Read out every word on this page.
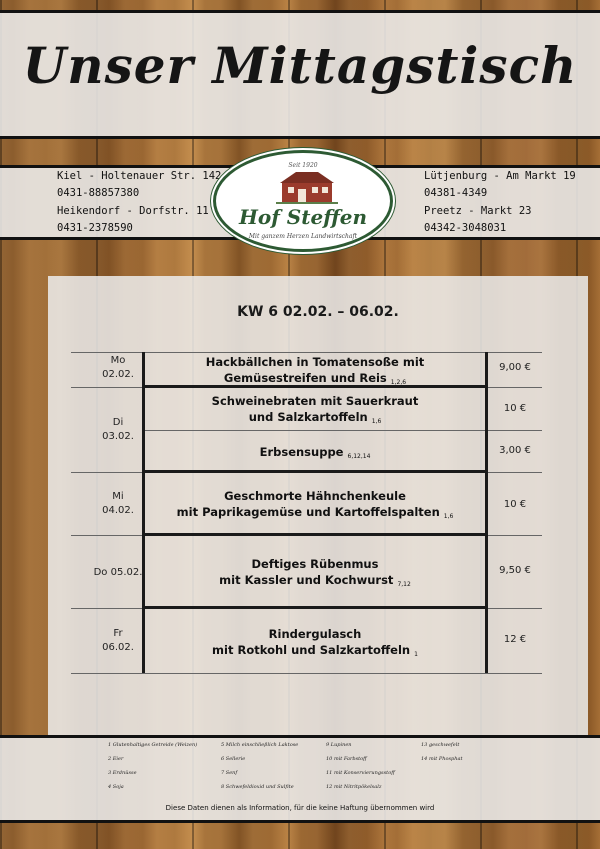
Unser Mittagstisch
Kiel - Holtenauer Str. 142
0431-88857380
Heikendorf - Dorfstr. 11
0431-2378590
Lütjenburg - Am Markt 19
04381-4349
Preetz - Markt 23
04342-3048031
Seit 1920
Hof Steffen
Mit ganzem Herzen Landwirtschaft
KW 6 02.02. – 06.02.
Mo
02.02.
Di
03.02.
Mi
04.02.
Do 05.02.
Fr
06.02.
Hackbällchen in Tomatensoße mit
Gemüsestreifen und Reis $_{1,2,6}$
Schweinebraten mit Sauerkraut
und Salzkartoffeln $_{1,6}$
Erbsensuppe $_{6,12,14}$
Geschmorte Hähnchenkeule
mit Paprikagemüse und Kartoffelspalten $_{1,6}$
Deftiges Rübenmus
mit Kassler und Kochwurst $_{7,12}$
Rindergulasch
mit Rotkohl und Salzkartoffeln $_1$
9,00 €
10 €
3,00 €
10 €
9,50 €
12 €
1 Glutenhaltiges Getreide (Weizen)
2 Eier
3 Erdnüsse
4 Soja
5 Milch einschließlich Laktose
6 Sellerie
7 Senf
8 Schwefeldioxid und Sulfite
9 Lupinen
10 mit Farbstoff
11 mit Konservierungsstoff
12 mit Nitritpökelsalz
13 geschwefelt
14 mit Phosphat
Diese Daten dienen als Information, für die keine Haftung übernommen wird
